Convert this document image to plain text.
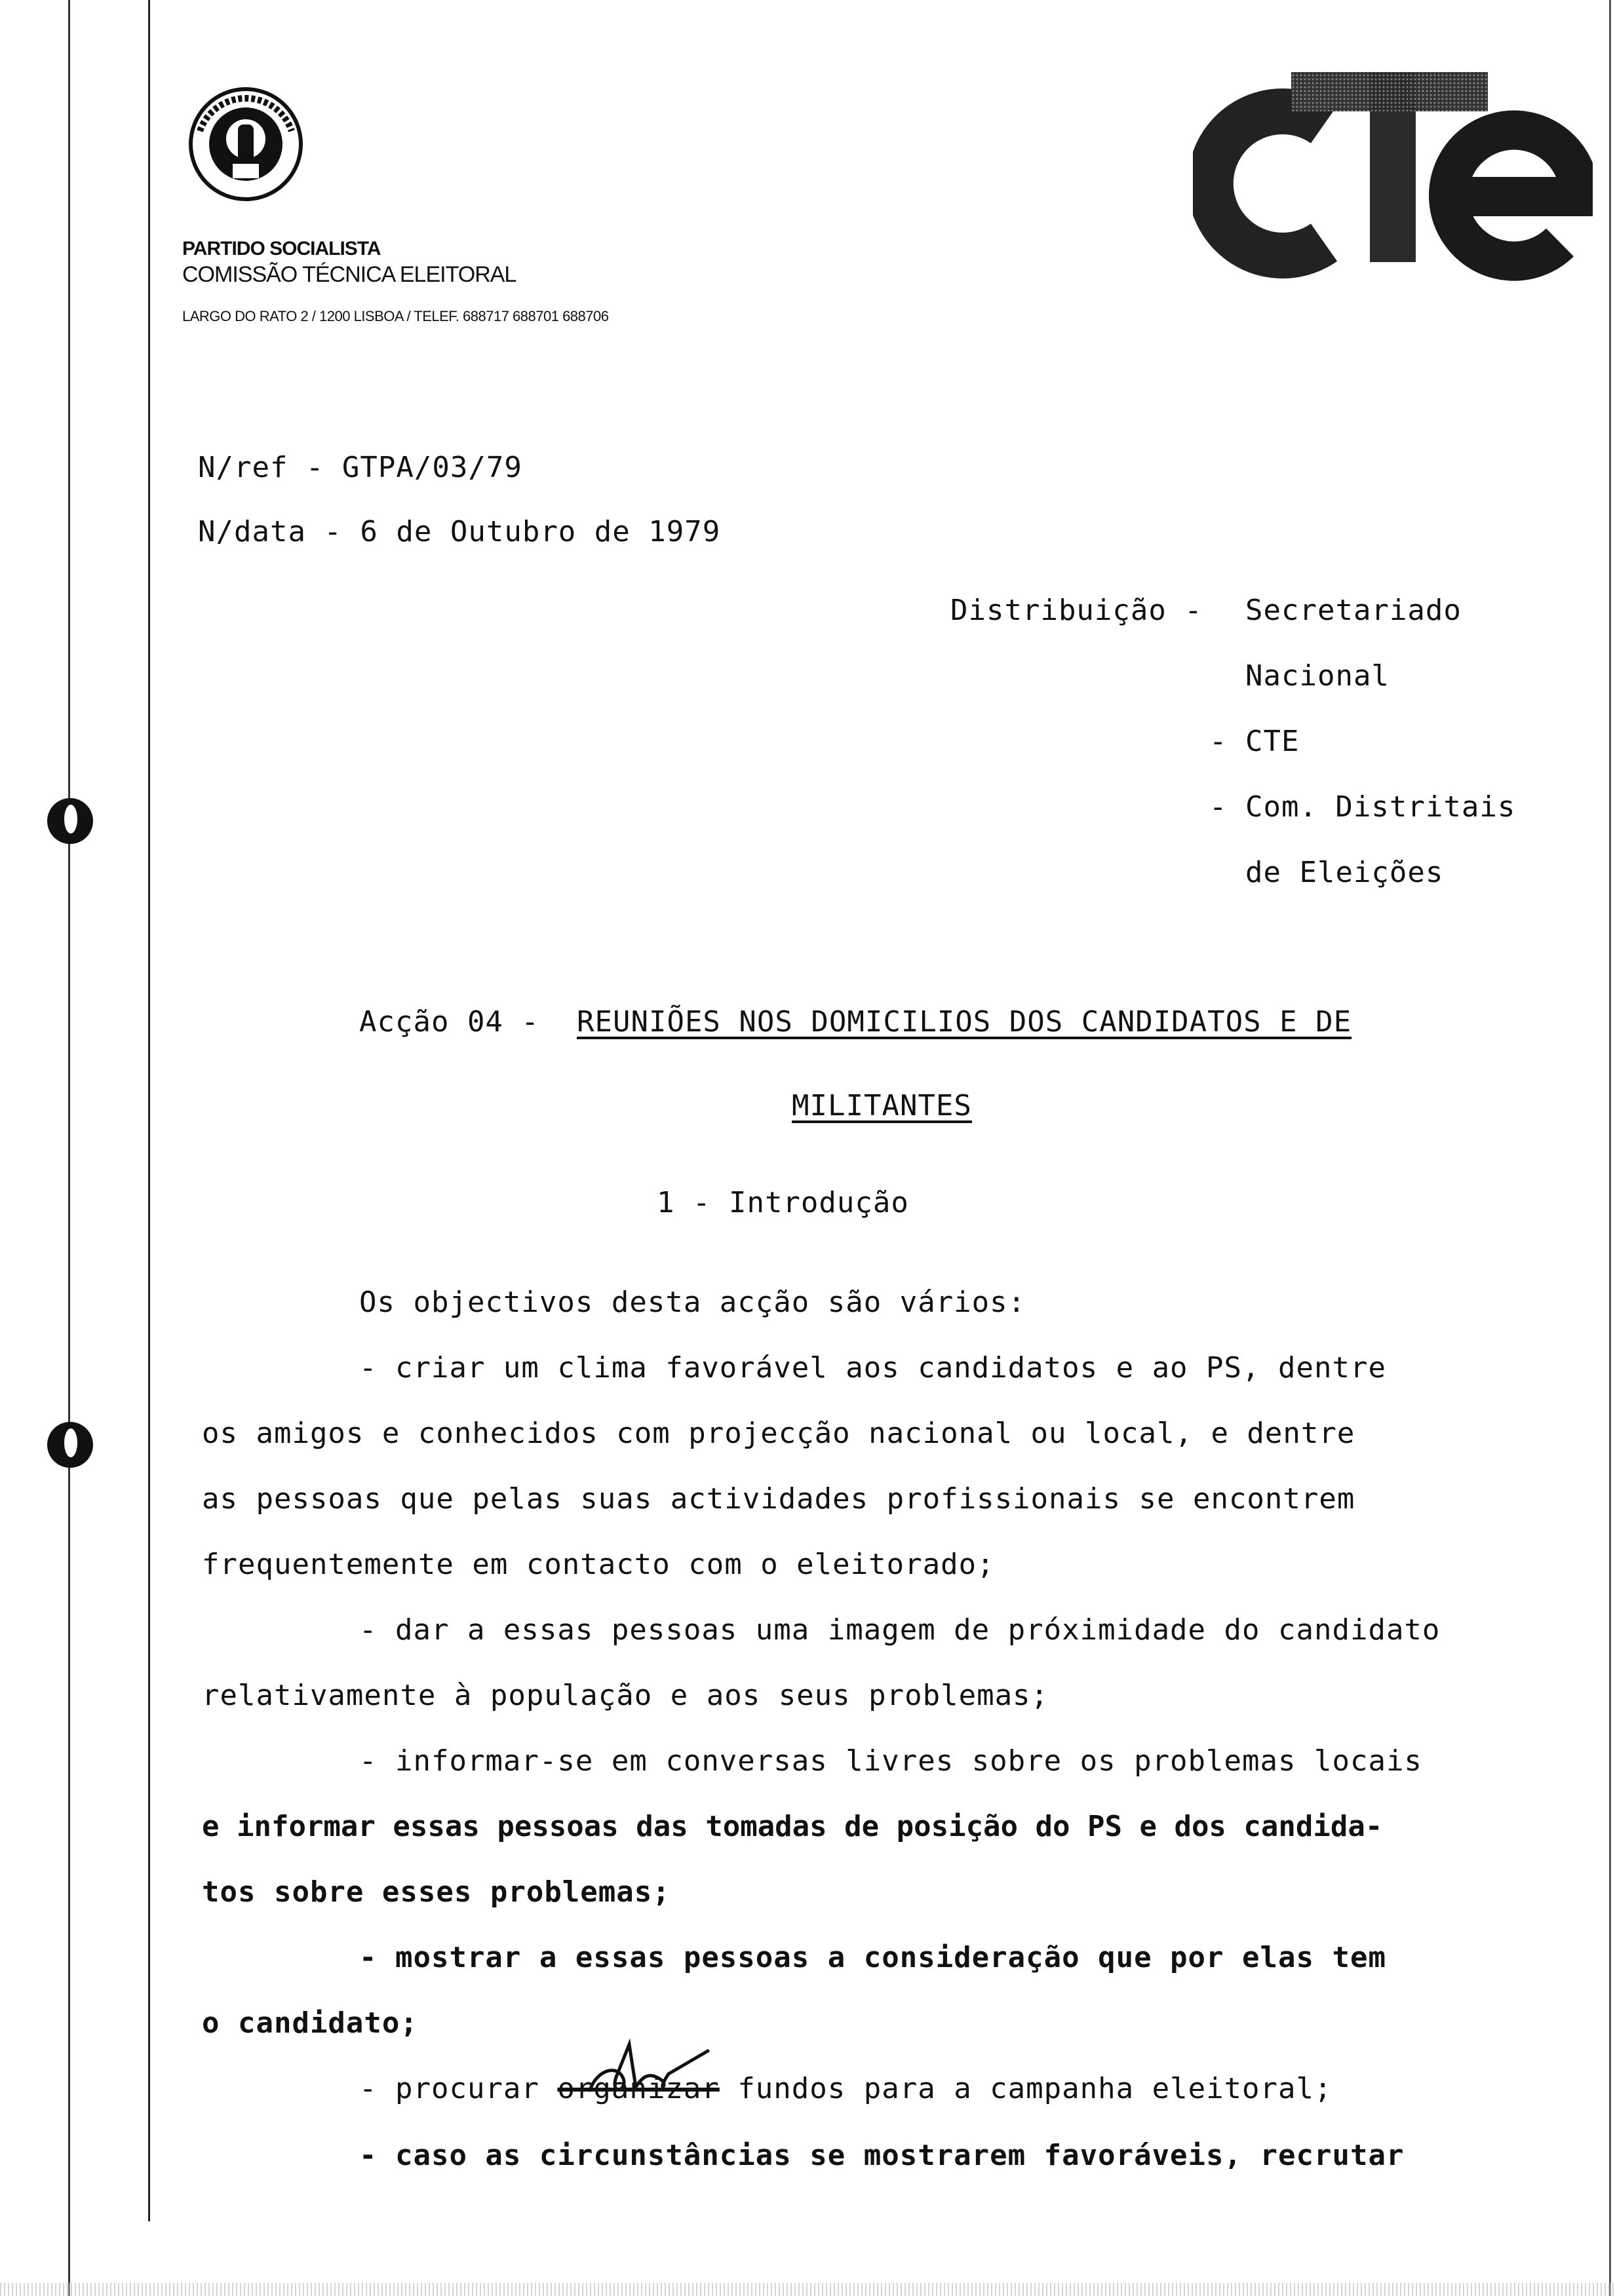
PARTIDO SOCIALISTA
COMISSÃO TÉCNICA ELEITORAL
LARGO DO RATO 2 / 1200 LISBOA / TELEF. 688717 688701 688706
N/ref - GTPA/03/79
N/data - 6 de Outubro de 1979
Distribuição - Secretariado
Nacional
- CTE
- Com. Distritais
de Eleições
Acção 04 - REUNIÕES NOS DOMICILIOS DOS CANDIDATOS E DE
MILITANTES
1 - Introdução
Os objectivos desta acção são vários:
- criar um clima favorável aos candidatos e ao PS, dentre
os amigos e conhecidos com projecção nacional ou local, e dentre
as pessoas que pelas suas actividades profissionais se encontrem
frequentemente em contacto com o eleitorado;
- dar a essas pessoas uma imagem de próximidade do candidato
relativamente à população e aos seus problemas;
- informar-se em conversas livres sobre os problemas locais
e informar essas pessoas das tomadas de posição do PS e dos candida-
tos sobre esses problemas;
- mostrar a essas pessoas a consideração que por elas tem
o candidato;
- procurar organizar fundos para a campanha eleitoral;
- caso as circunstâncias se mostrarem favoráveis, recrutar
